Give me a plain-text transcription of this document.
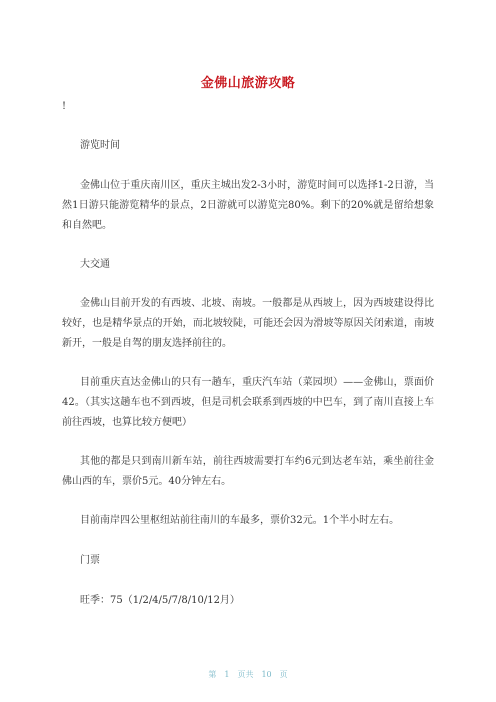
金佛山旅游攻略
!
游览时间
金佛山位于重庆南川区，重庆主城出发2-3小时，游览时间可以选择1-2日游，当然1日游只能游览精华的景点，2日游就可以游览完80%。剩下的20%就是留给想象和自然吧。
大交通
金佛山目前开发的有西坡、北坡、南坡。一般都是从西坡上，因为西坡建设得比较好，也是精华景点的开始，而北坡较陡，可能还会因为滑坡等原因关闭索道，南坡新开，一般是自驾的朋友选择前往的。
目前重庆直达金佛山的只有一趟车，重庆汽车站（菜园坝）——金佛山，票面价42。（其实这趟车也不到西坡，但是司机会联系到西坡的中巴车，到了南川直接上车前往西坡，也算比较方便吧）
其他的都是只到南川新车站，前往西坡需要打车约6元到达老车站，乘坐前往金佛山西的车，票价5元。40分钟左右。
目前南岸四公里枢纽站前往南川的车最多，票价32元。1个半小时左右。
门票
旺季：75（1/2/4/5/7/8/10/12月）
第 1 页共 10 页
